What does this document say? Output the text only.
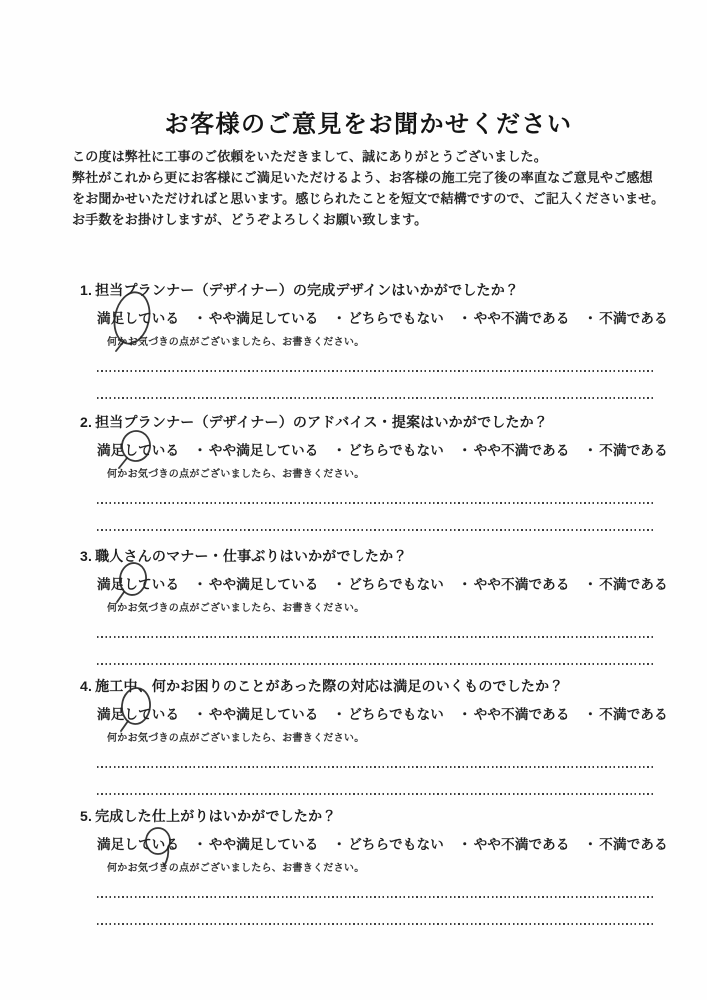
お客様のご意見をお聞かせください
この度は弊社に工事のご依頼をいただきまして、誠にありがとうございました。
弊社がこれから更にお客様にご満足いただけるよう、お客様の施工完了後の率直なご意見やご感想
をお聞かせいただければと思います。感じられたことを短文で結構ですので、ご記入くださいませ。
お手数をお掛けしますが、どうぞよろしくお願い致します。
1. 担当プランナー（デザイナー）の完成デザインはいかがでしたか？
満足している ・ やや満足している ・ どちらでもない ・ やや不満である ・ 不満である
何かお気づきの点がございましたら、お書きください。
2. 担当プランナー（デザイナー）のアドバイス・提案はいかがでしたか？
満足している ・ やや満足している ・ どちらでもない ・ やや不満である ・ 不満である
何かお気づきの点がございましたら、お書きください。
3. 職人さんのマナー・仕事ぶりはいかがでしたか？
満足している ・ やや満足している ・ どちらでもない ・ やや不満である ・ 不満である
何かお気づきの点がございましたら、お書きください。
4. 施工中、何かお困りのことがあった際の対応は満足のいくものでしたか？
満足している ・ やや満足している ・ どちらでもない ・ やや不満である ・ 不満である
何かお気づきの点がございましたら、お書きください。
5. 完成した仕上がりはいかがでしたか？
満足している ・ やや満足している ・ どちらでもない ・ やや不満である ・ 不満である
何かお気づきの点がございましたら、お書きください。
